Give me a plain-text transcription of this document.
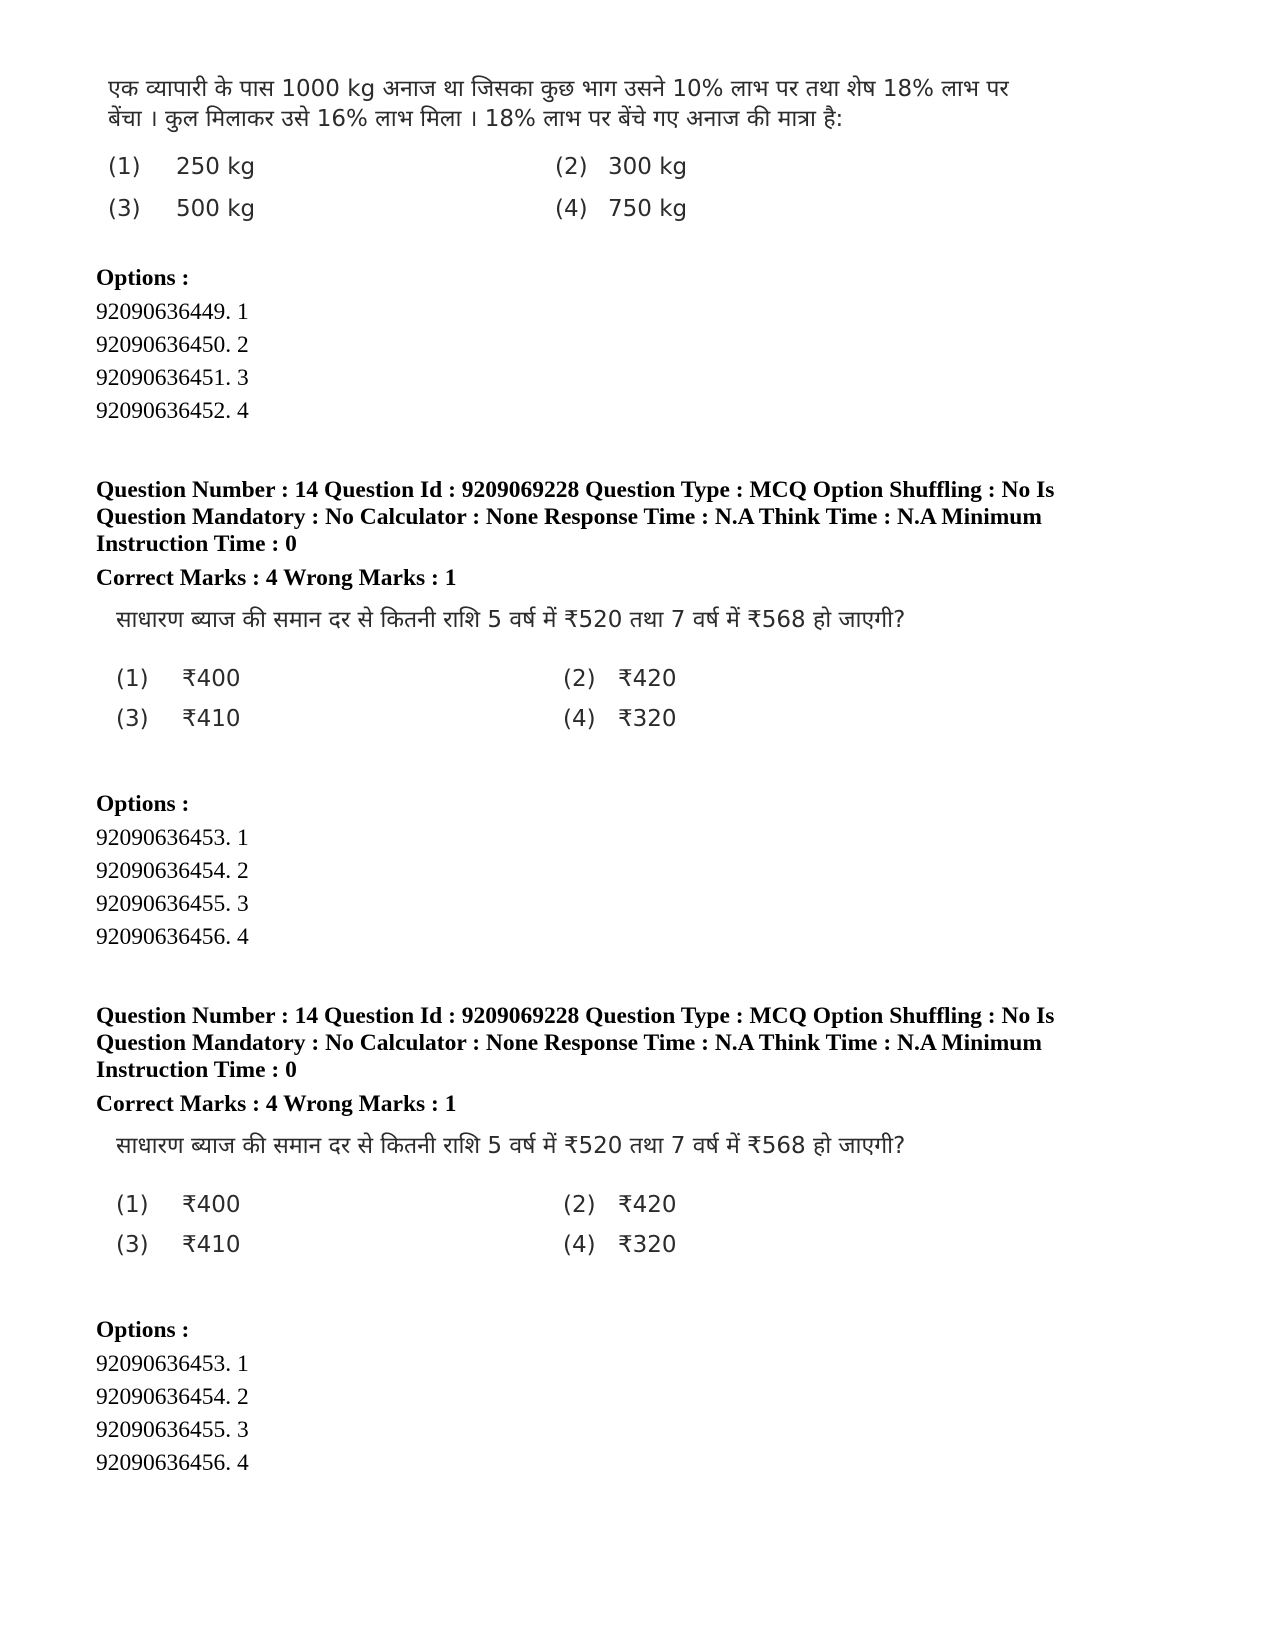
एक व्यापारी के पास 1000 kg अनाज था जिसका कुछ भाग उसने 10% लाभ पर तथा शेष 18% लाभ पर
बेंचा । कुल मिलाकर उसे 16% लाभ मिला । 18% लाभ पर बेंचे गए अनाज की मात्रा है:
(1) 250 kg	(2) 300 kg
(3) 500 kg	(4) 750 kg
Options :
92090636449. 1
92090636450. 2
92090636451. 3
92090636452. 4
Question Number : 14 Question Id : 9209069228 Question Type : MCQ Option Shuffling : No Is
Question Mandatory : No Calculator : None Response Time : N.A Think Time : N.A Minimum
Instruction Time : 0
Correct Marks : 4 Wrong Marks : 1
साधारण ब्याज की समान दर से कितनी राशि 5 वर्ष में ₹520 तथा 7 वर्ष में ₹568 हो जाएगी?
(1) ₹400	(2) ₹420
(3) ₹410	(4) ₹320
Options :
92090636453. 1
92090636454. 2
92090636455. 3
92090636456. 4
Question Number : 14 Question Id : 9209069228 Question Type : MCQ Option Shuffling : No Is
Question Mandatory : No Calculator : None Response Time : N.A Think Time : N.A Minimum
Instruction Time : 0
Correct Marks : 4 Wrong Marks : 1
साधारण ब्याज की समान दर से कितनी राशि 5 वर्ष में ₹520 तथा 7 वर्ष में ₹568 हो जाएगी?
(1) ₹400	(2) ₹420
(3) ₹410	(4) ₹320
Options :
92090636453. 1
92090636454. 2
92090636455. 3
92090636456. 4
